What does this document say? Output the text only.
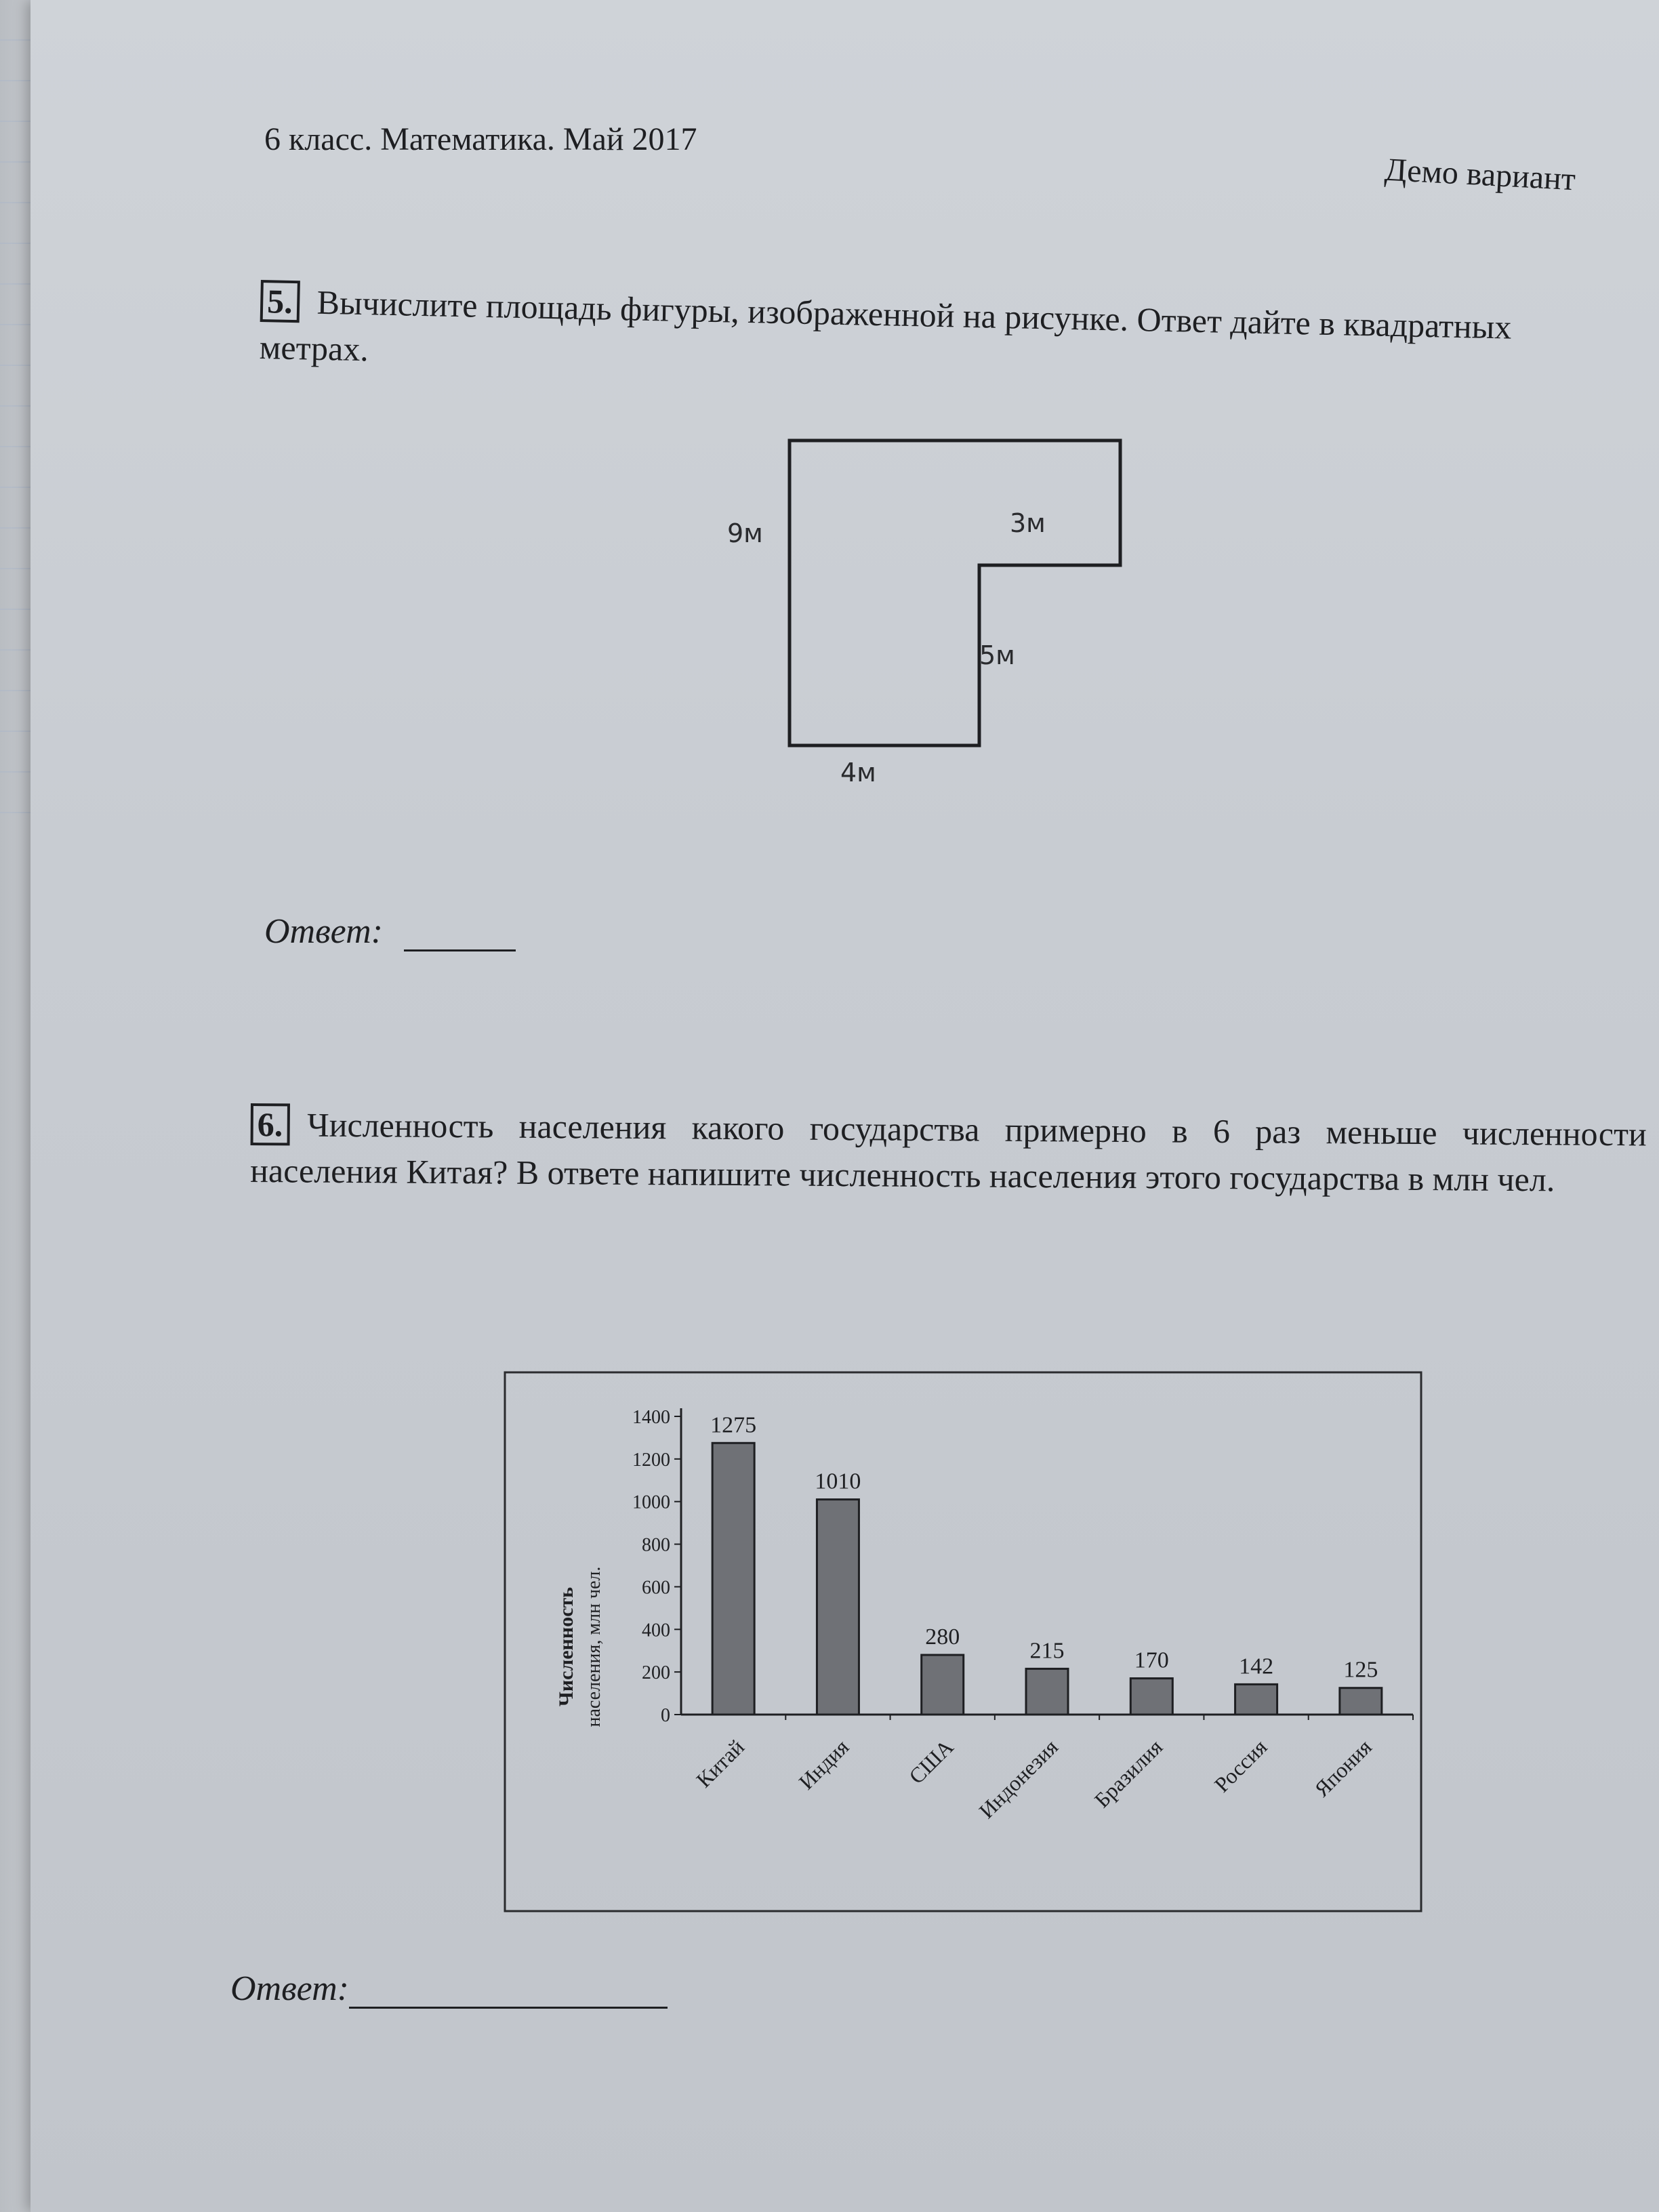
6 класс. Математика. Май 2017
Демо вариант
5. Вычислите площадь фигуры, изображенной на рисунке. Ответ дайте в квадратных метрах.
9м	3м
5м
4м
Ответ:
6. Численность населения какого государства примерно в 6 раз меньше численности населения Китая? В ответе напишите численность населения этого государства в млн чел.
Численность населения, млн чел.	0
200
400
600
800
1000
1200
1400 1275
Китай
1010
Индия
280
США
215
Индонезия
170
Бразилия
142
Россия
125
Япония
Ответ:
